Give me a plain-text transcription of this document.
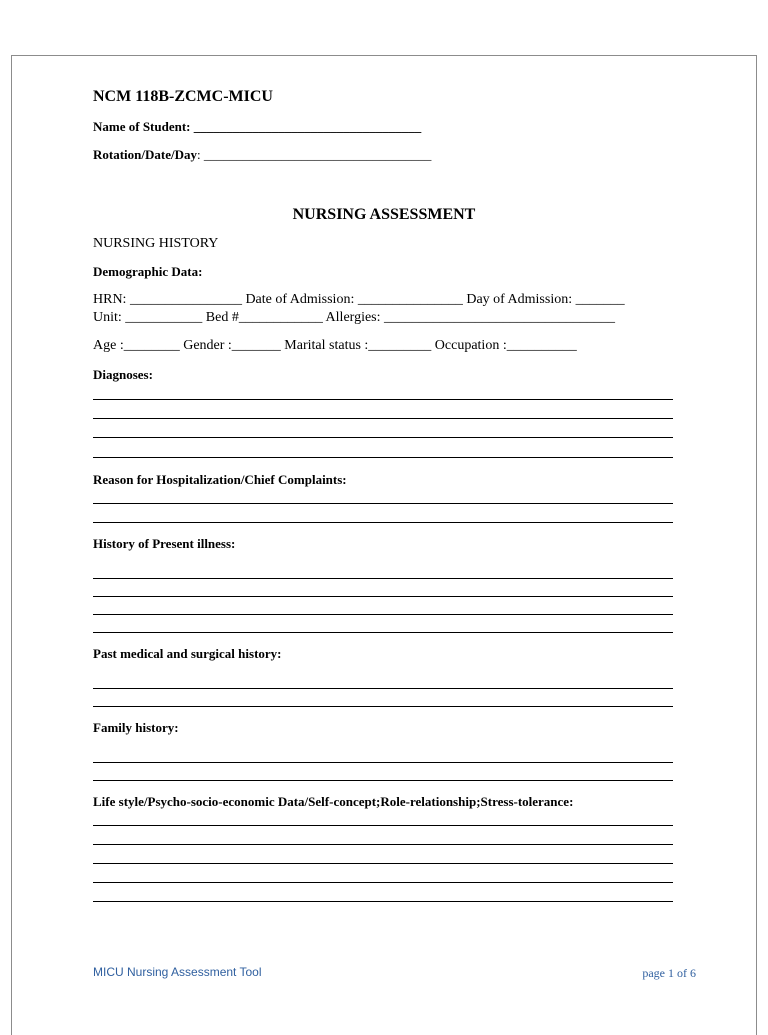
NCM 118B-ZCMC-MICU
Name of Student: ___________________________________
Rotation/Date/Day: ___________________________________
NURSING ASSESSMENT
NURSING HISTORY
Demographic Data:
HRN: ________________ Date of Admission: _______________ Day of Admission: _______
Unit: ___________ Bed #____________ Allergies: _________________________________
Age :________ Gender :_______ Marital status :_________ Occupation :__________
Diagnoses:
Reason for Hospitalization/Chief Complaints:
History of Present illness:
Past medical and surgical history:
Family history:
Life style/Psycho-socio-economic Data/Self-concept;Role-relationship;Stress-tolerance:
MICU Nursing Assessment Tool	page 1 of 6
